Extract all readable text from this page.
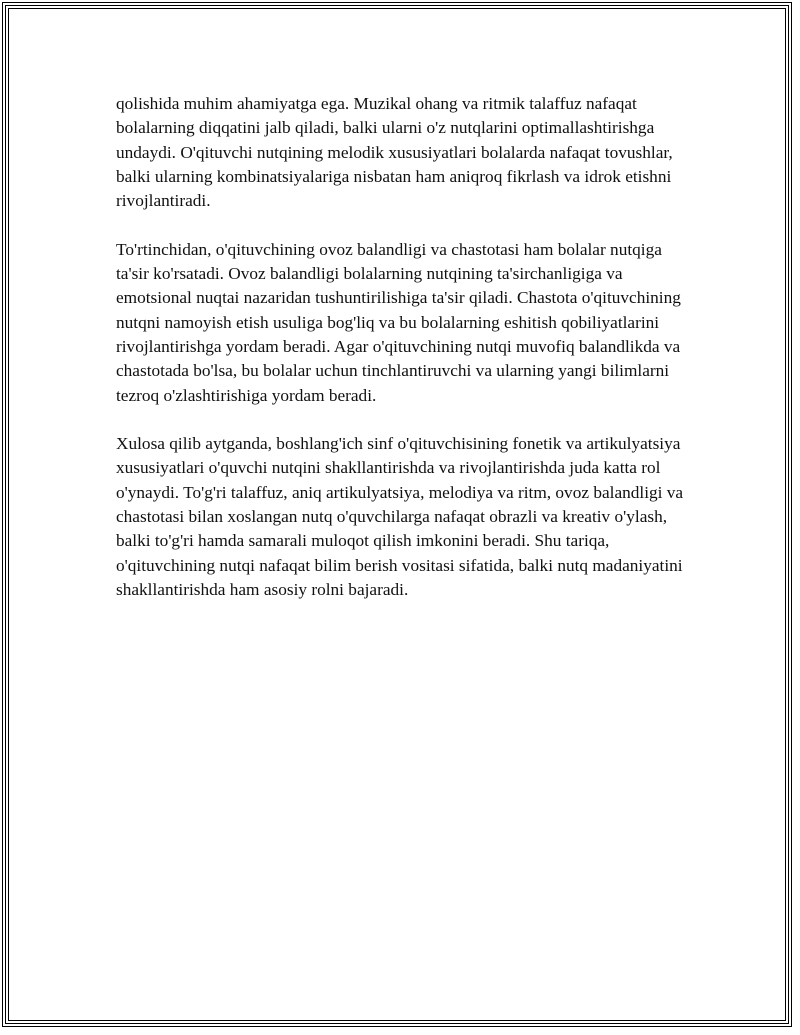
qolishida muhim ahamiyatga ega. Muzikal ohang va ritmik talaffuz nafaqat bolalarning diqqatini jalb qiladi, balki ularni o'z nutqlarini optimallashtirishga undaydi. O'qituvchi nutqining melodik xususiyatlari bolalarda nafaqat tovushlar, balki ularning kombinatsiyalariga nisbatan ham aniqroq fikrlash va idrok etishni rivojlantiradi.

To'rtinchidan, o'qituvchining ovoz balandligi va chastotasi ham bolalar nutqiga ta'sir ko'rsatadi. Ovoz balandligi bolalarning nutqining ta'sirchanligiga va emotsional nuqtai nazaridan tushuntirilishiga ta'sir qiladi. Chastota o'qituvchining nutqni namoyish etish usuliga bog'liq va bu bolalarning eshitish qobiliyatlarini rivojlantirishga yordam beradi. Agar o'qituvchining nutqi muvofiq balandlikda va chastotada bo'lsa, bu bolalar uchun tinchlantiruvchi va ularning yangi bilimlarni tezroq o'zlashtirishiga yordam beradi.

Xulosa qilib aytganda, boshlang'ich sinf o'qituvchisining fonetik va artikulyatsiya xususiyatlari o'quvchi nutqini shakllantirishda va rivojlantirishda juda katta rol o'ynaydi. To'g'ri talaffuz, aniq artikulyatsiya, melodiya va ritm, ovoz balandligi va chastotasi bilan xoslangan nutq o'quvchilarga nafaqat obrazli va kreativ o'ylash, balki to'g'ri hamda samarali muloqot qilish imkonini beradi. Shu tariqa, o'qituvchining nutqi nafaqat bilim berish vositasi sifatida, balki nutq madaniyatini shakllantirishda ham asosiy rolni bajaradi.
